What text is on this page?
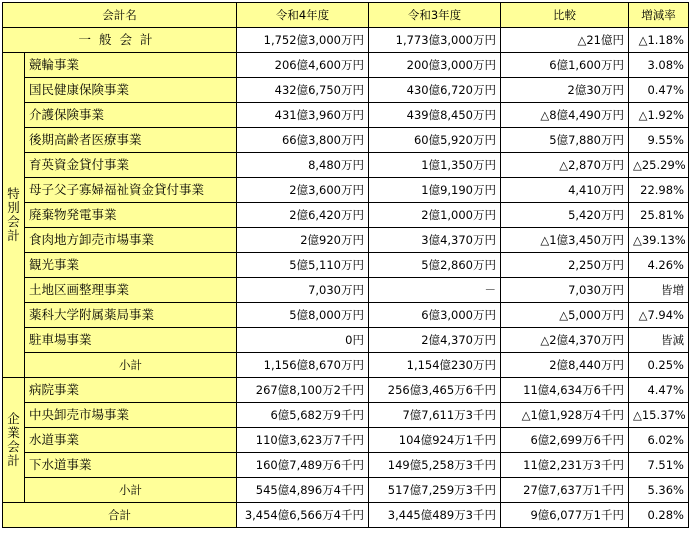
会計名		令和4年度	令和3年度	比較	増減率
一般会計		1,752億3,000万円	1,773億3,000万円	△21億円	△1.18%

特
別
会
計	競輪事業	206億4,600万円	200億3,000万円	6億1,600万円	3.08%
	国民健康保険事業	432億6,750万円	430億6,720万円	2億30万円	0.47%
	介護保険事業	431億3,960万円	439億8,450万円	△8億4,490万円	△1.92%
	後期高齢者医療事業	66億3,800万円	60億5,920万円	5億7,880万円	9.55%
	育英資金貸付事業	8,480万円	1億1,350万円	△2,870万円	△25.29%
	母子父子寡婦福祉資金貸付事業	2億3,600万円	1億9,190万円	4,410万円	22.98%
	廃棄物発電事業	2億6,420万円	2億1,000万円	5,420万円	25.81%
	食肉地方卸売市場事業	2億920万円	3億4,370万円	△1億3,450万円	△39.13%
	観光事業	5億5,110万円	5億2,860万円	2,250万円	4.26%
	土地区画整理事業	7,030万円	－	7,030万円	皆増
	薬科大学附属薬局事業	5億8,000万円	6億3,000万円	△5,000万円	△7.94%
	駐車場事業	0円	2億4,370万円	△2億4,370万円	皆減
	小計	1,156億8,670万円	1,154億230万円	2億8,440万円	0.25%

企
業
会
計	病院事業	267億8,100万2千円	256億3,465万6千円	11億4,634万6千円	4.47%
	中央卸売市場事業	6億5,682万9千円	7億7,611万3千円	△1億1,928万4千円	△15.37%
	水道事業	110億3,623万7千円	104億924万1千円	6億2,699万6千円	6.02%
	下水道事業	160億7,489万6千円	149億5,258万3千円	11億2,231万3千円	7.51%
	小計	545億4,896万4千円	517億7,259万3千円	27億7,637万1千円	5.36%
合計		3,454億6,566万4千円	3,445億489万3千円	9億6,077万1千円	0.28%
